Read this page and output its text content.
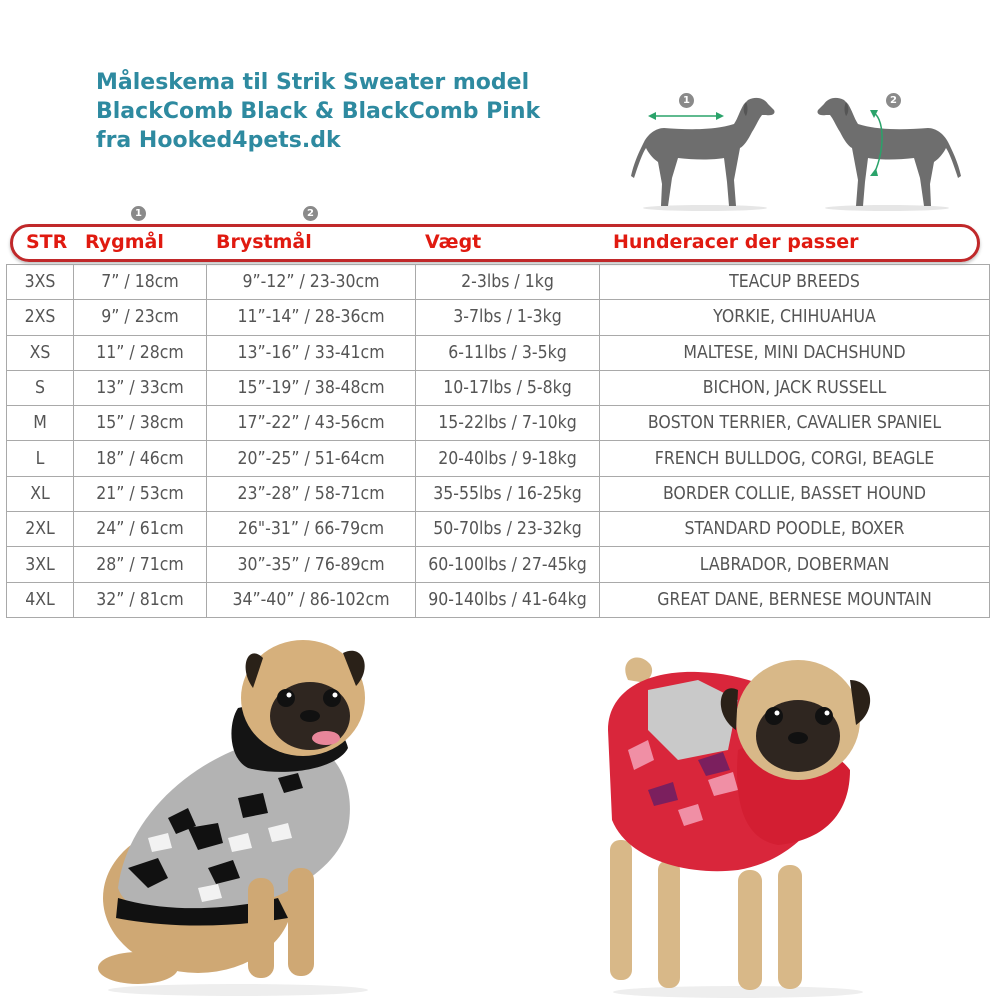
Måleskema til Strik Sweater model
BlackComb Black & BlackComb Pink
fra Hooked4pets.dk
1	2
1	2
STR Rygmål	Brystmål	Vægt	Hunderacer der passer
3XS	7” / 18cm	9”-12” / 23-30cm	2-3lbs / 1kg	TEACUP BREEDS
2XS	9” / 23cm	11”-14” / 28-36cm	3-7lbs / 1-3kg	YORKIE, CHIHUAHUA
XS	11” / 28cm	13”-16” / 33-41cm	6-11lbs / 3-5kg	MALTESE, MINI DACHSHUND
S	13” / 33cm	15”-19” / 38-48cm	10-17lbs / 5-8kg	BICHON, JACK RUSSELL
M	15” / 38cm	17”-22” / 43-56cm	15-22lbs / 7-10kg	BOSTON TERRIER, CAVALIER SPANIEL
L	18” / 46cm	20”-25” / 51-64cm	20-40lbs / 9-18kg	FRENCH BULLDOG, CORGI, BEAGLE
XL	21” / 53cm	23”-28” / 58-71cm	35-55lbs / 16-25kg	BORDER COLLIE, BASSET HOUND
2XL	24” / 61cm	26"-31” / 66-79cm	50-70lbs / 23-32kg	STANDARD POODLE, BOXER
3XL	28” / 71cm	30”-35” / 76-89cm	60-100lbs / 27-45kg	LABRADOR, DOBERMAN
4XL	32” / 81cm	34”-40” / 86-102cm	90-140lbs / 41-64kg	GREAT DANE, BERNESE MOUNTAIN
